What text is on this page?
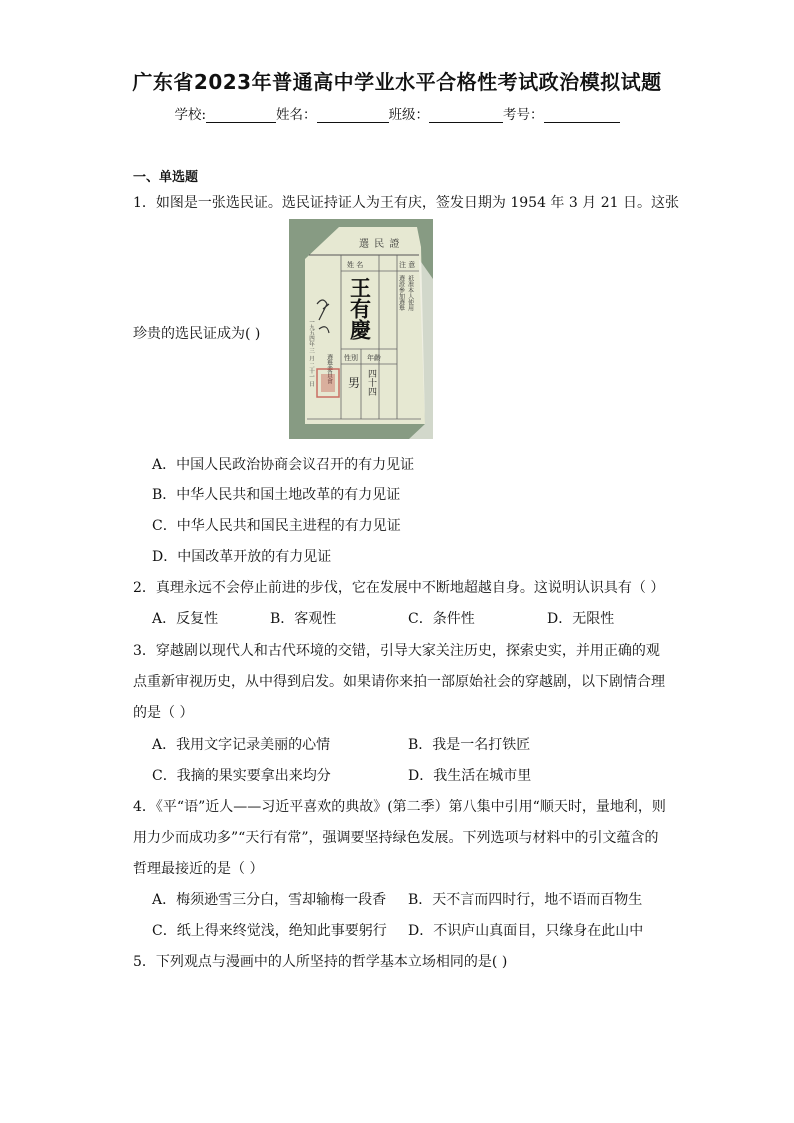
广东省2023年普通高中学业水平合格性考试政治模拟试题
学校:	姓名：	班级：	考号：
一、单选题
1．如图是一张选民证。选民证持证人为王有庆，签发日期为 1954 年 3 月 21 日。这张
選 民 證
姓 名	注 意
年齡
性別
四十四
男
王有慶	選證參加選舉 祇准本人使用
選舉委員會
一九五四年 三 月 二十一 日
珍贵的选民证成为( )
A．中国人民政治协商会议召开的有力见证
B．中华人民共和国土地改革的有力见证
C．中华人民共和国民主进程的有力见证
D．中国改革开放的有力见证
2．真理永远不会停止前进的步伐，它在发展中不断地超越自身。这说明认识具有（ ）
A．反复性	B．客观性	C．条件性	D．无限性
3．穿越剧以现代人和古代环境的交错，引导大家关注历史，探索史实，并用正确的观
点重新审视历史，从中得到启发。如果请你来拍一部原始社会的穿越剧，以下剧情合理
的是（ ）
A．我用文字记录美丽的心情	B．我是一名打铁匠
C．我摘的果实要拿出来均分	D．我生活在城市里
4．《平“语”近人——习近平喜欢的典故》(第二季）第八集中引用“顺天时，量地利，则
用力少而成功多”“天行有常”，强调要坚持绿色发展。下列选项与材料中的引文蕴含的
哲理最接近的是（ ）
A．梅须逊雪三分白，雪却输梅一段香 B．天不言而四时行，地不语而百物生
C．纸上得来终觉浅，绝知此事要躬行 D．不识庐山真面目，只缘身在此山中
5．下列观点与漫画中的人所坚持的哲学基本立场相同的是( )
